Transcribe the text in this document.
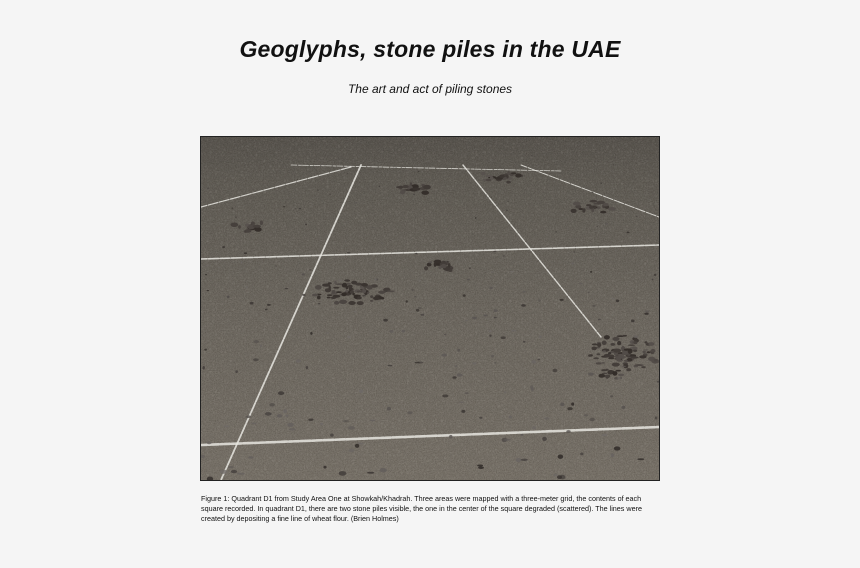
Geoglyphs, stone piles in the UAE
The art and act of piling stones
Figure 1: Quadrant D1 from Study Area One at Showkah/Khadrah. Three areas were mapped with a three-meter grid, the contents of each square recorded. In quadrant D1, there are two stone piles visible, the one in the center of the square degraded (scattered). The lines were created by depositing a fine line of wheat flour. (Brien Holmes)
